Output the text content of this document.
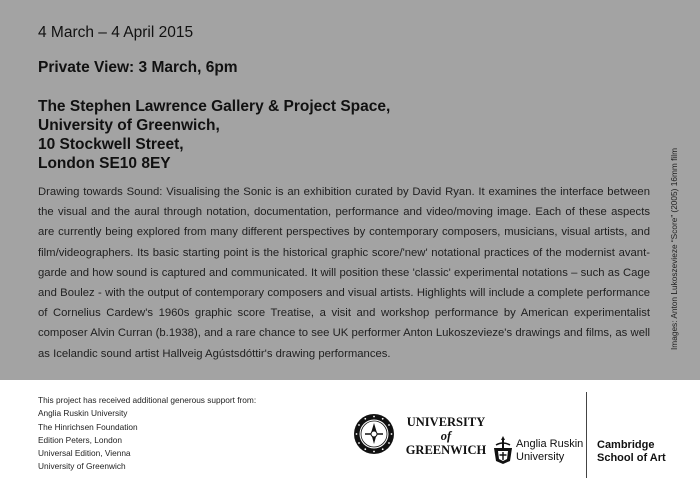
4 March – 4 April 2015
Private View: 3 March, 6pm
The Stephen Lawrence Gallery & Project Space,
University of Greenwich,
10 Stockwell Street,
London SE10 8EY
Drawing towards Sound: Visualising the Sonic is an exhibition curated by David Ryan. It examines the interface between the visual and the aural through notation, documentation, performance and video/moving image. Each of these aspects are currently being explored from many different perspectives by contemporary composers, musicians, visual artists, and film/videographers. Its basic starting point is the historical graphic score/'new' notational practices of the modernist avant-garde and how sound is captured and communicated. It will position these 'classic' experimental notations – such as Cage and Boulez - with the output of contemporary composers and visual artists. Highlights will include a complete performance of Cornelius Cardew's 1960s graphic score Treatise, a visit and workshop performance by American experimentalist composer Alvin Curran (b.1938), and a rare chance to see UK performer Anton Lukoszevieze's drawings and films, as well as Icelandic sound artist Hallveig Agústsdóttir's drawing performances.
Images: Anton Lukoszevieze “Score” (2005) 16mm film
This project has received additional generous support from:
Anglia Ruskin University
The Hinrichsen Foundation
Edition Peters, London
Universal Edition, Vienna
University of Greenwich
UNIVERSITY
of
GREENWICH	Anglia Ruskin
University
Cambridge
School of Art
